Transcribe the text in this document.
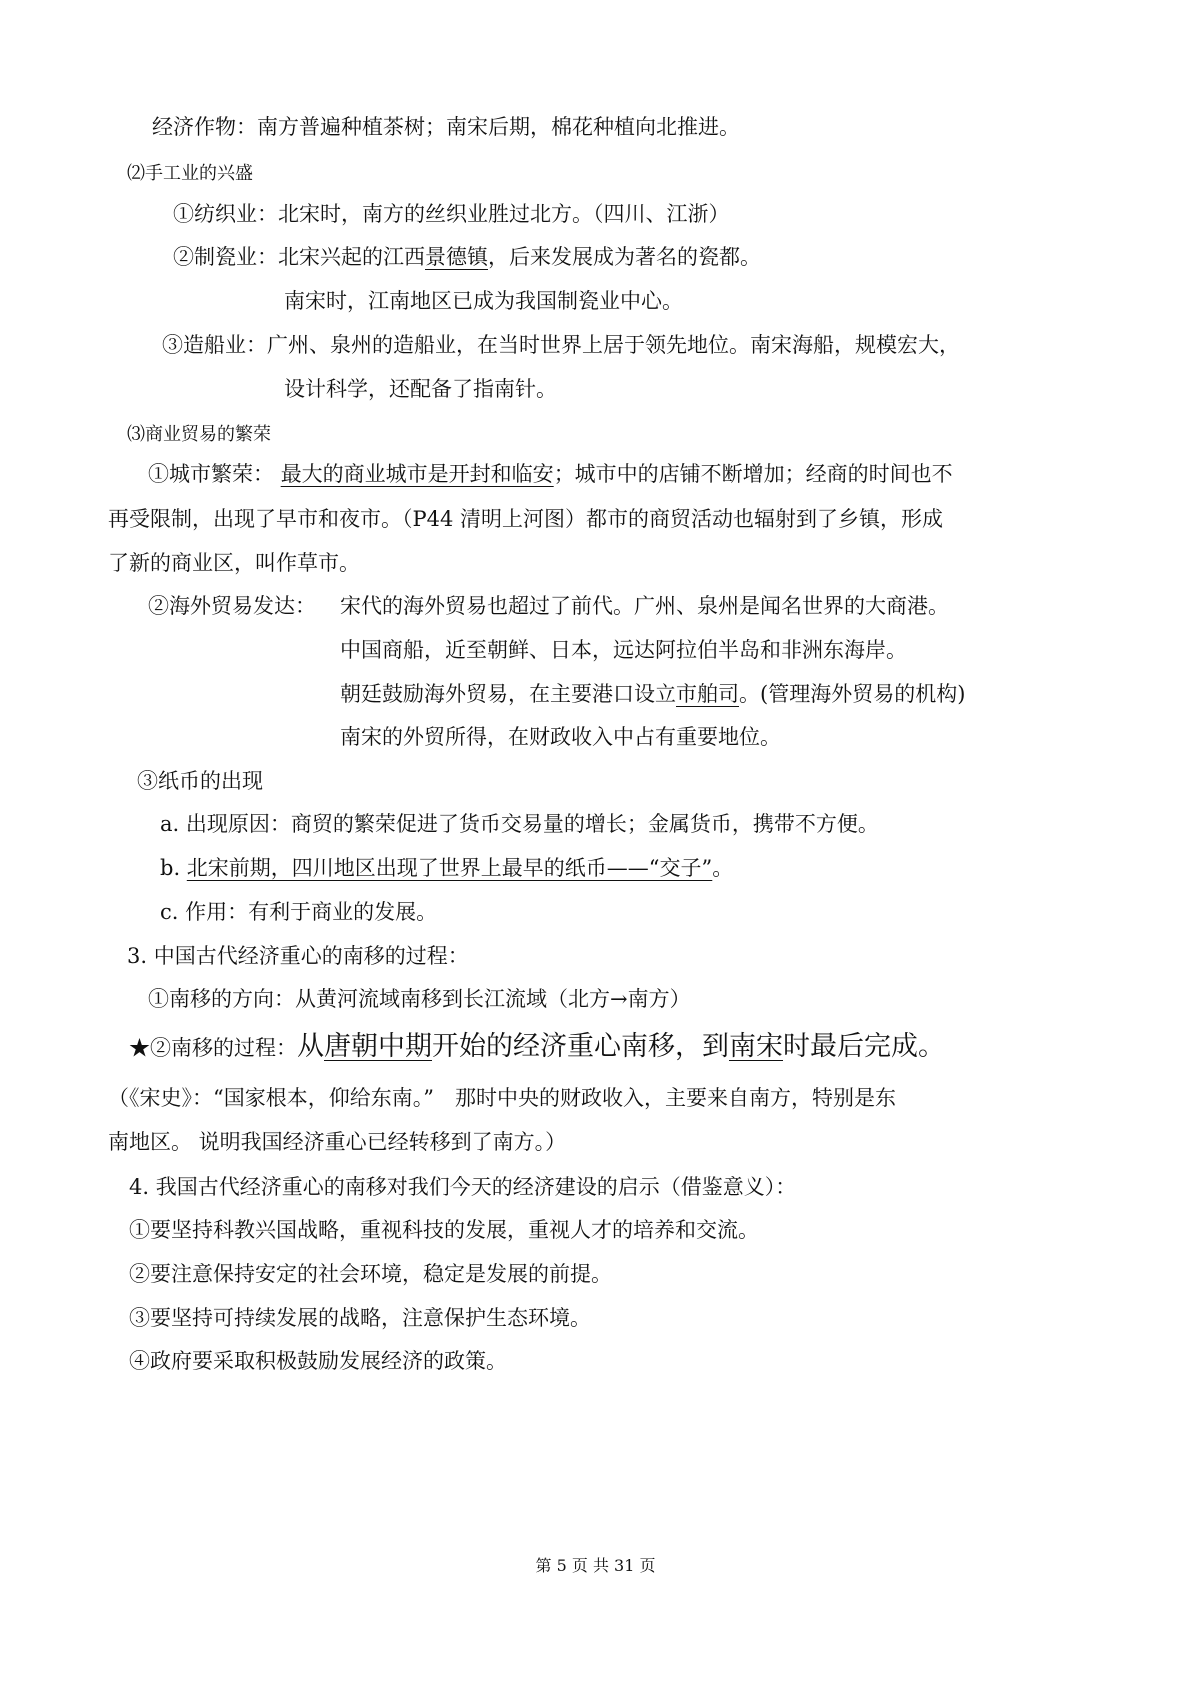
经济作物：南方普遍种植茶树；南宋后期，棉花种植向北推进。
⑵手工业的兴盛
①纺织业：北宋时，南方的丝织业胜过北方。（四川、江浙）
②制瓷业：北宋兴起的江西景德镇，后来发展成为著名的瓷都。
南宋时，江南地区已成为我国制瓷业中心。
③造船业：广州、泉州的造船业，在当时世界上居于领先地位。南宋海船，规模宏大，
设计科学，还配备了指南针。
⑶商业贸易的繁荣
①城市繁荣： 最大的商业城市是开封和临安；城市中的店铺不断增加；经商的时间也不
再受限制，出现了早市和夜市。（P44 清明上河图）都市的商贸活动也辐射到了乡镇，形成
了新的商业区，叫作草市。
②海外贸易发达： 宋代的海外贸易也超过了前代。广州、泉州是闻名世界的大商港。
中国商船，近至朝鲜、日本，远达阿拉伯半岛和非洲东海岸。
朝廷鼓励海外贸易，在主要港口设立市舶司。(管理海外贸易的机构)
南宋的外贸所得，在财政收入中占有重要地位。
③纸币的出现
a. 出现原因：商贸的繁荣促进了货币交易量的增长；金属货币，携带不方便。
b. 北宋前期，四川地区出现了世界上最早的纸币——“交子”。
c. 作用：有利于商业的发展。
3. 中国古代经济重心的南移的过程：
①南移的方向：从黄河流域南移到长江流域（北方→南方）
★②南移的过程：从唐朝中期开始的经济重心南移，到南宋时最后完成。
（《宋史》：“国家根本，仰给东南。”　那时中央的财政收入，主要来自南方，特别是东
南地区。 说明我国经济重心已经转移到了南方。）
4. 我国古代经济重心的南移对我们今天的经济建设的启示（借鉴意义）：
①要坚持科教兴国战略，重视科技的发展，重视人才的培养和交流。
②要注意保持安定的社会环境，稳定是发展的前提。
③要坚持可持续发展的战略，注意保护生态环境。
④政府要采取积极鼓励发展经济的政策。
第 5 页 共 31 页
